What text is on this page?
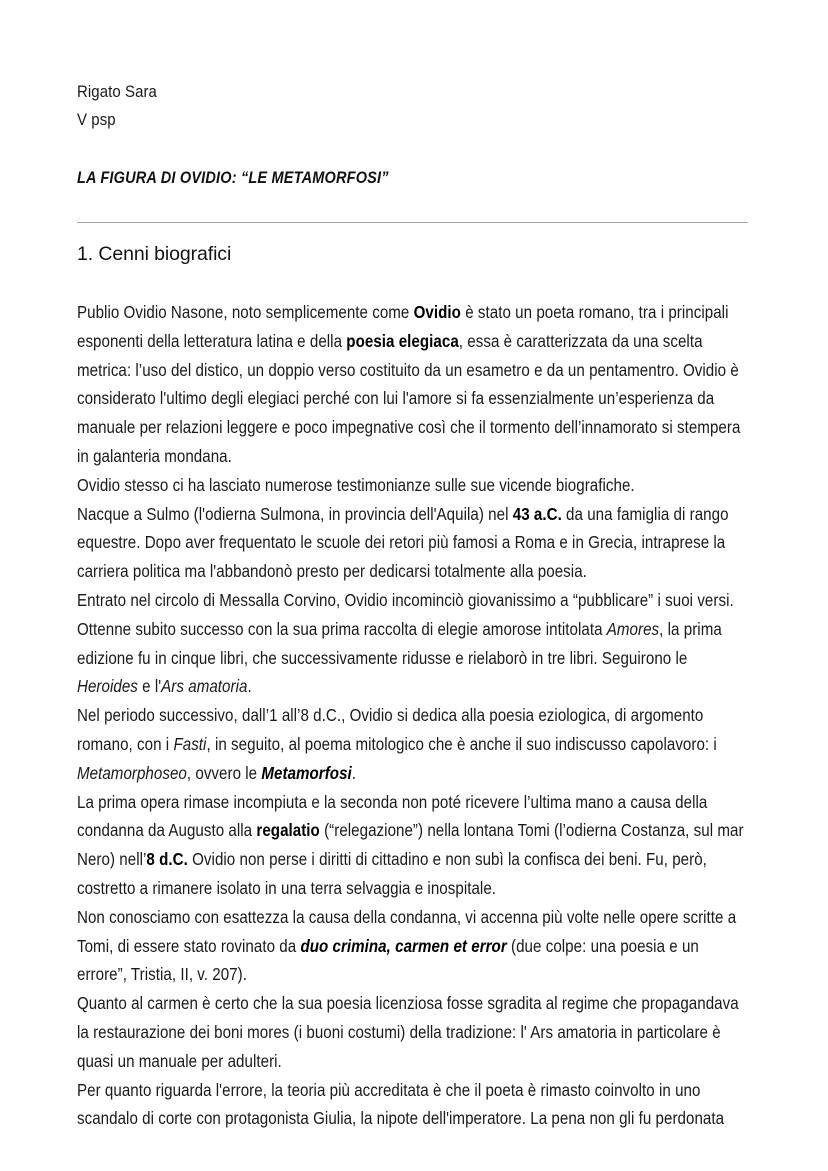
Rigato Sara
V psp
LA FIGURA DI OVIDIO: “LE METAMORFOSI”
1. Cenni biografici

Publio Ovidio Nasone, noto semplicemente come Ovidio è stato un poeta romano, tra i principali esponenti della letteratura latina e della poesia elegiaca, essa è caratterizzata da una scelta metrica: l’uso del distico, un doppio verso costituito da un esametro e da un pentamentro. Ovidio è considerato l'ultimo degli elegiaci perché con lui l'amore si fa essenzialmente un’esperienza da manuale per relazioni leggere e poco impegnative così che il tormento dell’innamorato si stempera in galanteria mondana.

Ovidio stesso ci ha lasciato numerose testimonianze sulle sue vicende biografiche.

Nacque a Sulmo (l'odierna Sulmona, in provincia dell'Aquila) nel 43 a.C. da una famiglia di rango equestre. Dopo aver frequentato le scuole dei retori più famosi a Roma e in Grecia, intraprese la carriera politica ma l'abbandonò presto per dedicarsi totalmente alla poesia.

Entrato nel circolo di Messalla Corvino, Ovidio incominciò giovanissimo a “pubblicare” i suoi versi.

Ottenne subito successo con la sua prima raccolta di elegie amorose intitolata Amores, la prima edizione fu in cinque libri, che successivamente ridusse e rielaborò in tre libri. Seguirono le Heroides e l'Ars amatoria.

Nel periodo successivo, dall’1 all’8 d.C., Ovidio si dedica alla poesia eziologica, di argomento romano, con i Fasti, in seguito, al poema mitologico che è anche il suo indiscusso capolavoro: i Metamorphoseo, ovvero le Metamorfosi.

La prima opera rimase incompiuta e la seconda non poté ricevere l’ultima mano a causa della condanna da Augusto alla regalatio (“relegazione”) nella lontana Tomi (l’odierna Costanza, sul mar Nero) nell’8 d.C. Ovidio non perse i diritti di cittadino e non subì la confisca dei beni. Fu, però, costretto a rimanere isolato in una terra selvaggia e inospitale.

Non conosciamo con esattezza la causa della condanna, vi accenna più volte nelle opere scritte a Tomi, di essere stato rovinato da duo crimina, carmen et error (due colpe: una poesia e un errore”, Tristia, II, v. 207).

Quanto al carmen è certo che la sua poesia licenziosa fosse sgradita al regime che propagandava la restaurazione dei boni mores (i buoni costumi) della tradizione: l' Ars amatoria in particolare è quasi un manuale per adulteri.

Per quanto riguarda l'errore, la teoria più accreditata è che il poeta è rimasto coinvolto in uno scandalo di corte con protagonista Giulia, la nipote dell'imperatore. La pena non gli fu perdonata
